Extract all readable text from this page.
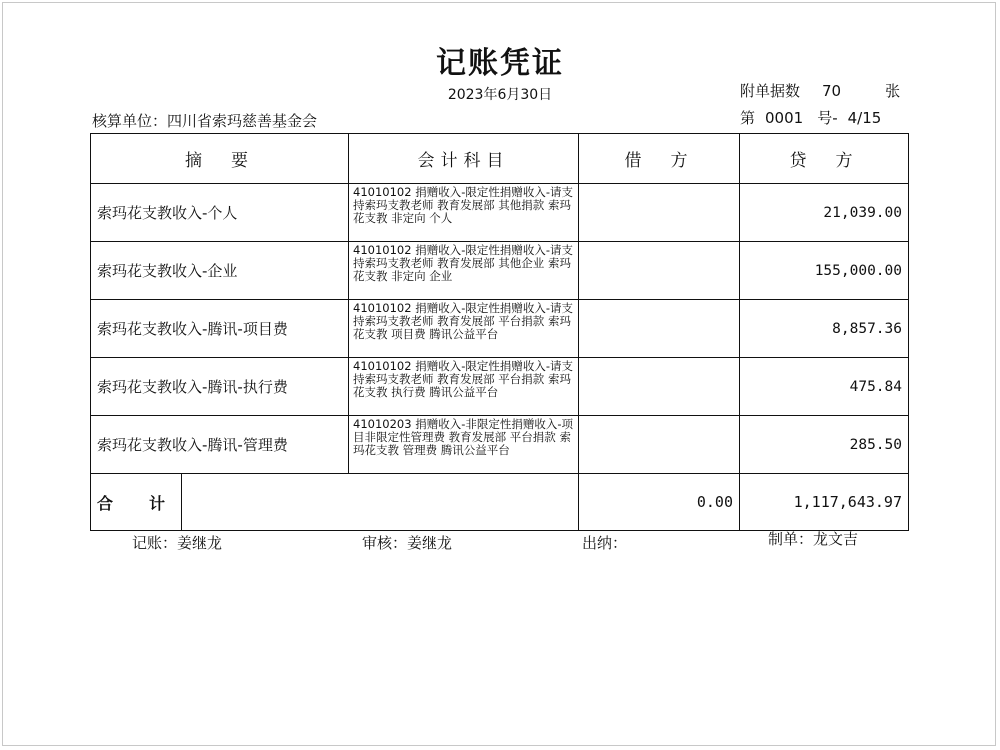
记账凭证
2023年6月30日	附单据数 70	张
核算单位：四川省索玛慈善基金会	第 0001 号- 4/15
摘　要	会计科目	借　方	贷　方
索玛花支教收入-个人	41010102 捐赠收入-限定性捐赠收入-请支持索玛支教老师 教育发展部 其他捐款 索玛花支教 非定向 个人		21,039.00
索玛花支教收入-企业	41010102 捐赠收入-限定性捐赠收入-请支持索玛支教老师 教育发展部 其他企业 索玛花支教 非定向 企业		155,000.00
索玛花支教收入-腾讯-项目费	41010102 捐赠收入-限定性捐赠收入-请支持索玛支教老师 教育发展部 平台捐款 索玛花支教 项目费 腾讯公益平台		8,857.36
索玛花支教收入-腾讯-执行费	41010102 捐赠收入-限定性捐赠收入-请支持索玛支教老师 教育发展部 平台捐款 索玛花支教 执行费 腾讯公益平台		475.84
索玛花支教收入-腾讯-管理费	41010203 捐赠收入-非限定性捐赠收入-项目非限定性管理费 教育发展部 平台捐款 索玛花支教 管理费 腾讯公益平台		285.50

合　计		0.00	1,117,643.97
记账：姜继龙	审核：姜继龙	出纳：	制单：龙文吉
